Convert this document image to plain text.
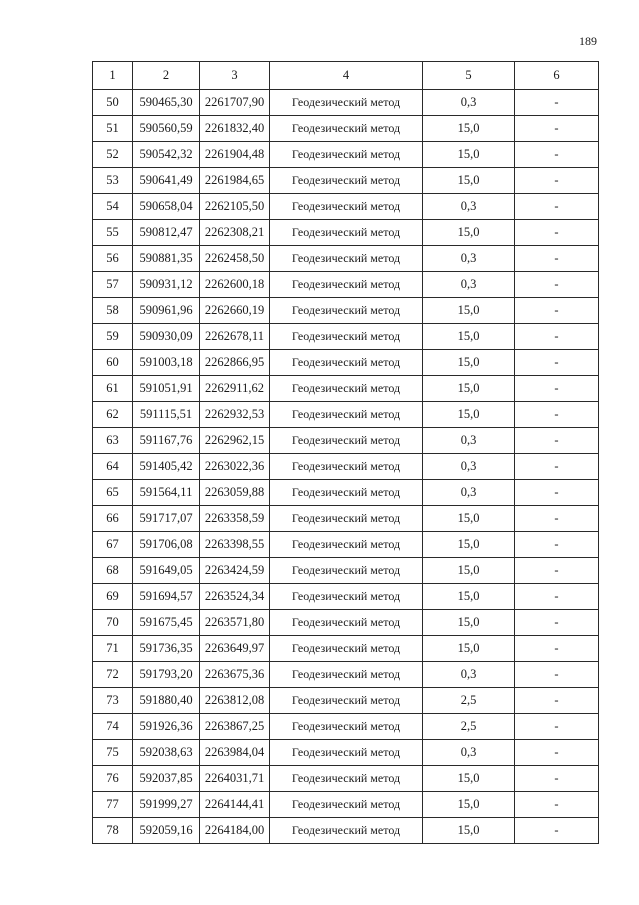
189
1	2	3	4	5	6
50	590465,30	2261707,90	Геодезический метод	0,3	-
51	590560,59	2261832,40	Геодезический метод	15,0	-
52	590542,32	2261904,48	Геодезический метод	15,0	-
53	590641,49	2261984,65	Геодезический метод	15,0	-
54	590658,04	2262105,50	Геодезический метод	0,3	-
55	590812,47	2262308,21	Геодезический метод	15,0	-
56	590881,35	2262458,50	Геодезический метод	0,3	-
57	590931,12	2262600,18	Геодезический метод	0,3	-
58	590961,96	2262660,19	Геодезический метод	15,0	-
59	590930,09	2262678,11	Геодезический метод	15,0	-
60	591003,18	2262866,95	Геодезический метод	15,0	-
61	591051,91	2262911,62	Геодезический метод	15,0	-
62	591115,51	2262932,53	Геодезический метод	15,0	-
63	591167,76	2262962,15	Геодезический метод	0,3	-
64	591405,42	2263022,36	Геодезический метод	0,3	-
65	591564,11	2263059,88	Геодезический метод	0,3	-
66	591717,07	2263358,59	Геодезический метод	15,0	-
67	591706,08	2263398,55	Геодезический метод	15,0	-
68	591649,05	2263424,59	Геодезический метод	15,0	-
69	591694,57	2263524,34	Геодезический метод	15,0	-
70	591675,45	2263571,80	Геодезический метод	15,0	-
71	591736,35	2263649,97	Геодезический метод	15,0	-
72	591793,20	2263675,36	Геодезический метод	0,3	-
73	591880,40	2263812,08	Геодезический метод	2,5	-
74	591926,36	2263867,25	Геодезический метод	2,5	-
75	592038,63	2263984,04	Геодезический метод	0,3	-
76	592037,85	2264031,71	Геодезический метод	15,0	-
77	591999,27	2264144,41	Геодезический метод	15,0	-
78	592059,16	2264184,00	Геодезический метод	15,0	-
